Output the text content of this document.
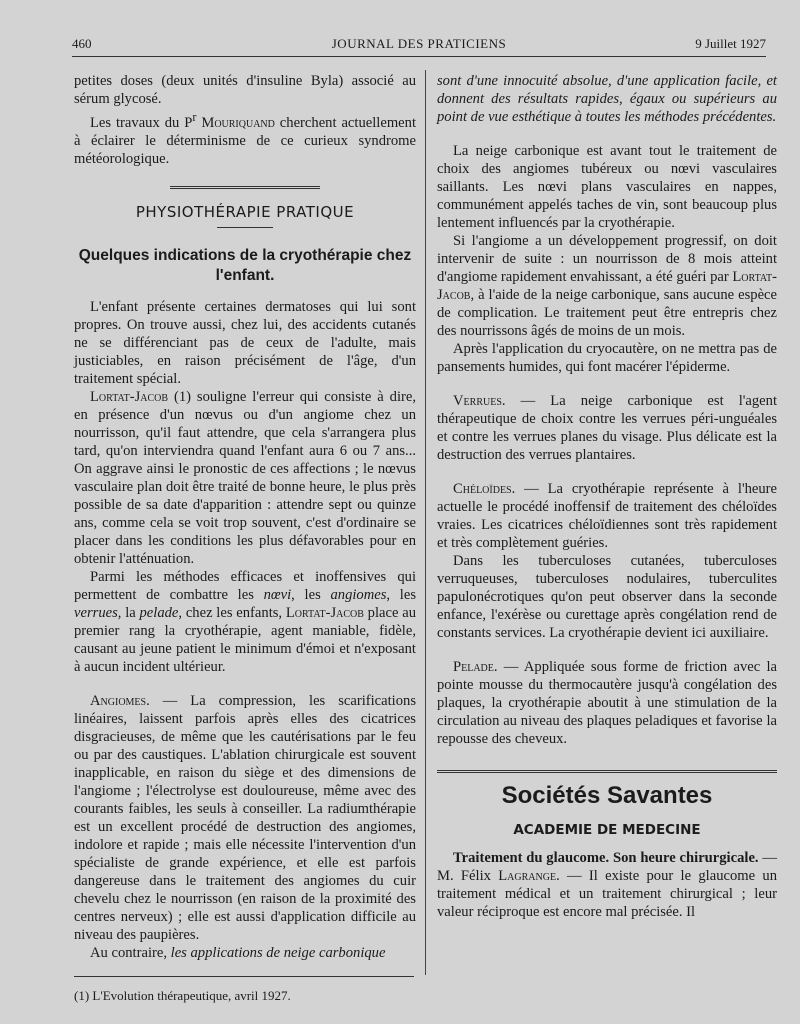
460	JOURNAL DES PRATICIENS	9 Juillet 1927

petites doses (deux unités d'insuline Byla) associé au sérum glycosé.

Les travaux du $P^r$ Mouriquand cherchent actuellement à éclairer le déterminisme de ce curieux syndrome météorologique.

PHYSIOTHÉRAPIE PRATIQUE
Quelques indications de la cryothérapie chez l'enfant.

L'enfant présente certaines dermatoses qui lui sont propres. On trouve aussi, chez lui, des accidents cutanés ne se différenciant pas de ceux de l'adulte, mais justiciables, en raison précisément de l'âge, d'un traitement spécial.

Lortat-Jacob (1) souligne l'erreur qui consiste à dire, en présence d'un nœvus ou d'un angiome chez un nourrisson, qu'il faut attendre, que cela s'arrangera plus tard, qu'on interviendra quand l'enfant aura 6 ou 7 ans... On aggrave ainsi le pronostic de ces affections ; le nœvus vasculaire plan doit être traité de bonne heure, le plus près possible de sa date d'apparition : attendre sept ou quinze ans, comme cela se voit trop souvent, c'est d'ordinaire se placer dans les conditions les plus défavorables pour en obtenir l'atténuation.

Parmi les méthodes efficaces et inoffensives qui permettent de combattre les nœvi, les angiomes, les verrues, la pelade, chez les enfants, Lortat-Jacob place au premier rang la cryothérapie, agent maniable, fidèle, causant au jeune patient le minimum d'émoi et n'exposant à aucun incident ultérieur.

Angiomes. — La compression, les scarifications linéaires, laissent parfois après elles des cicatrices disgracieuses, de même que les cautérisations par le feu ou par des caustiques. L'ablation chirurgicale est souvent inapplicable, en raison du siège et des dimensions de l'angiome ; l'électrolyse est douloureuse, même avec des courants faibles, les seuls à conseiller. La radiumthérapie est un excellent procédé de destruction des angiomes, indolore et rapide ; mais elle nécessite l'intervention d'un spécialiste de grande expérience, et elle est parfois dangereuse dans le traitement des angiomes du cuir chevelu chez le nourrisson (en raison de la proximité des centres nerveux) ; elle est aussi d'application difficile au niveau des paupières.

Au contraire, les applications de neige carbonique

(1) L'Evolution thérapeutique, avril 1927.

sont d'une innocuité absolue, d'une application facile, et donnent des résultats rapides, égaux ou supérieurs au point de vue esthétique à toutes les méthodes précédentes.

La neige carbonique est avant tout le traitement de choix des angiomes tubéreux ou nœvi vasculaires saillants. Les nœvi plans vasculaires en nappes, communément appelés taches de vin, sont beaucoup plus lentement influencés par la cryothérapie.

Si l'angiome a un développement progressif, on doit intervenir de suite : un nourrisson de 8 mois atteint d'angiome rapidement envahissant, a été guéri par Lortat-Jacob, à l'aide de la neige carbonique, sans aucune espèce de complication. Le traitement peut être entrepris chez des nourrissons âgés de moins de un mois.

Après l'application du cryocautère, on ne mettra pas de pansements humides, qui font macérer l'épiderme.

Verrues. — La neige carbonique est l'agent thérapeutique de choix contre les verrues péri-unguéales et contre les verrues planes du visage. Plus délicate est la destruction des verrues plantaires.

Chéloïdes. — La cryothérapie représente à l'heure actuelle le procédé inoffensif de traitement des chéloïdes vraies. Les cicatrices chéloïdiennes sont très rapidement et très complètement guéries.

Dans les tuberculoses cutanées, tuberculoses verruqueuses, tuberculoses nodulaires, tuberculites papulonécrotiques qu'on peut observer dans la seconde enfance, l'exérèse ou curettage après congélation rend de constants services. La cryothérapie devient ici auxiliaire.

Pelade. — Appliquée sous forme de friction avec la pointe mousse du thermocautère jusqu'à congélation des plaques, la cryothérapie aboutit à une stimulation de la circulation au niveau des plaques peladiques et favorise la repousse des cheveux.

Sociétés Savantes
ACADEMIE DE MEDECINE

Traitement du glaucome. Son heure chirurgicale. — M. Félix Lagrange. — Il existe pour le glaucome un traitement médical et un traitement chirurgical ; leur valeur réciproque est encore mal précisée. Il
